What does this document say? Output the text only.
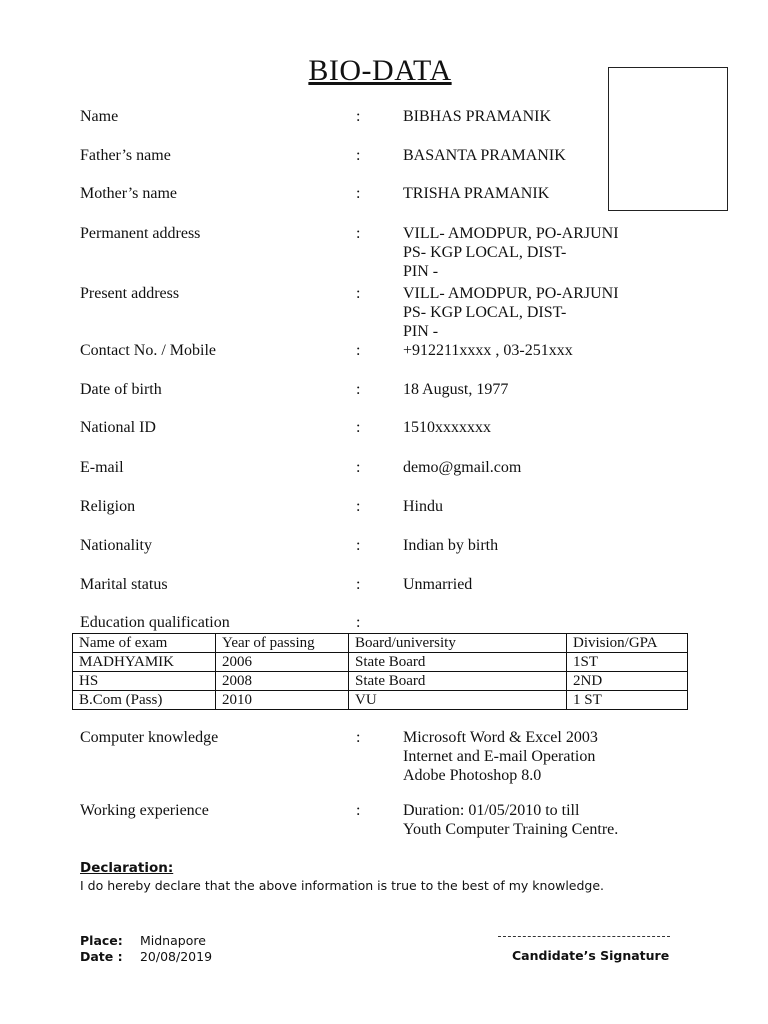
BIO-DATA
Name	:	BIBHAS PRAMANIK
Father’s name	:	BASANTA PRAMANIK
Mother’s name	:	TRISHA PRAMANIK
Permanent address	:	VILL- AMODPUR, PO-ARJUNI
PS- KGP LOCAL, DIST-
PIN -
Present address	:	VILL- AMODPUR, PO-ARJUNI
PS- KGP LOCAL, DIST-
PIN -
Contact No. / Mobile	:	+912211xxxx , 03-251xxx
Date of birth	:	18 August, 1977
National ID	:	1510xxxxxxx
E-mail	:	demo@gmail.com
Religion	:	Hindu
Nationality	:	Indian by birth
Marital status	:	Unmarried
Education qualification	:
Computer knowledge	:	Microsoft Word & Excel 2003
Internet and E-mail Operation
Adobe Photoshop 8.0
Working experience	:	Duration: 01/05/2010 to till
Youth Computer Training Centre.
Name of exam	Year of passing	Board/university	Division/GPA
MADHYAMIK	2006	State Board	1ST
HS	2008	State Board	2ND
B.Com (Pass)	2010	VU	1 ST
Declaration:
I do hereby declare that the above information is true to the best of my knowledge.
Place: Midnapore
Date : 20/08/2019	Candidate’s Signature
